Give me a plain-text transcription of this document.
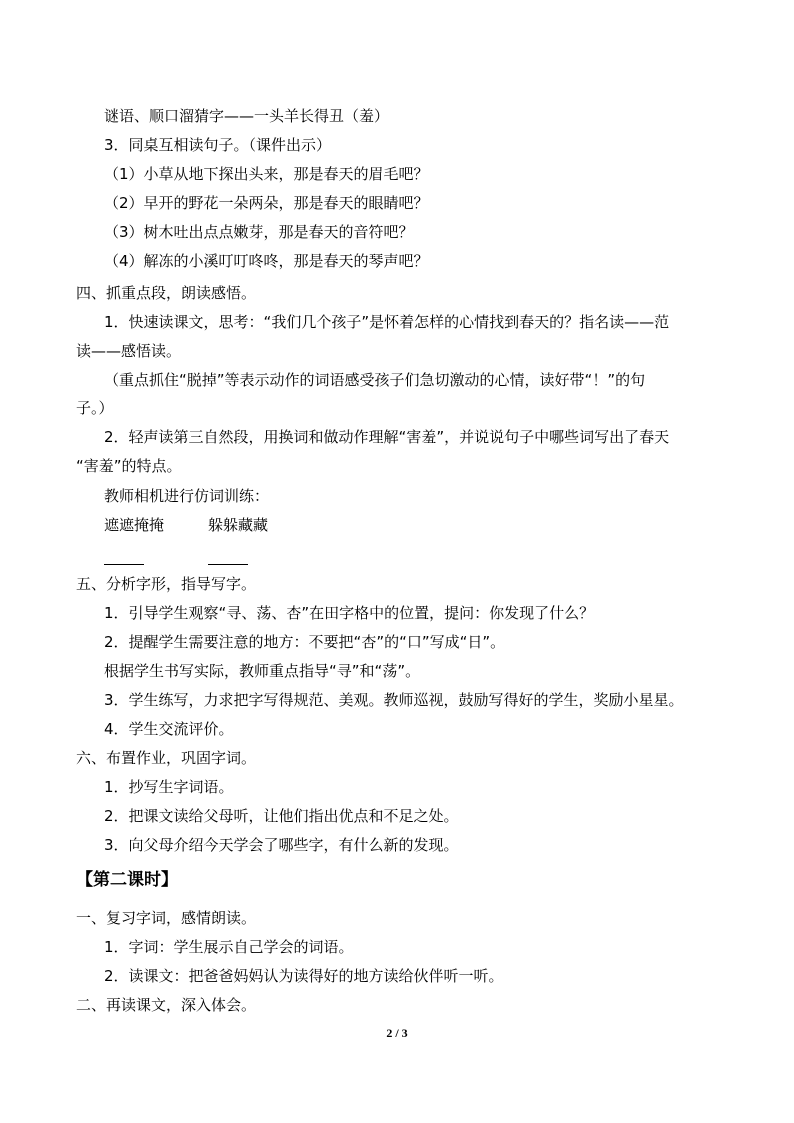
谜语、顺口溜猜字——一头羊长得丑（羞）
3．同桌互相读句子。（课件出示）
（1）小草从地下探出头来，那是春天的眉毛吧？
（2）早开的野花一朵两朵，那是春天的眼睛吧？
（3）树木吐出点点嫩芽，那是春天的音符吧？
（4）解冻的小溪叮叮咚咚，那是春天的琴声吧？
四、抓重点段，朗读感悟。
1．快速读课文，思考：“我们几个孩子”是怀着怎样的心情找到春天的？指名读——范
读——感悟读。
（重点抓住“脱掉”等表示动作的词语感受孩子们急切激动的心情，读好带“！”的句
子。）
2．轻声读第三自然段，用换词和做动作理解“害羞”，并说说句子中哪些词写出了春天
“害羞”的特点。
教师相机进行仿词训练：
遮遮掩掩	躲躲藏藏
五、分析字形，指导写字。
1．引导学生观察“寻、荡、杏”在田字格中的位置，提问：你发现了什么？
2．提醒学生需要注意的地方：不要把“杏”的“口”写成“日”。
根据学生书写实际，教师重点指导“寻”和“荡”。
3．学生练写，力求把字写得规范、美观。教师巡视，鼓励写得好的学生，奖励小星星。
4．学生交流评价。
六、布置作业，巩固字词。
1．抄写生字词语。
2．把课文读给父母听，让他们指出优点和不足之处。
3．向父母介绍今天学会了哪些字，有什么新的发现。
【第二课时】
一、复习字词，感情朗读。
1．字词：学生展示自己学会的词语。
2．读课文：把爸爸妈妈认为读得好的地方读给伙伴听一听。
二、再读课文，深入体会。
2 / 3
